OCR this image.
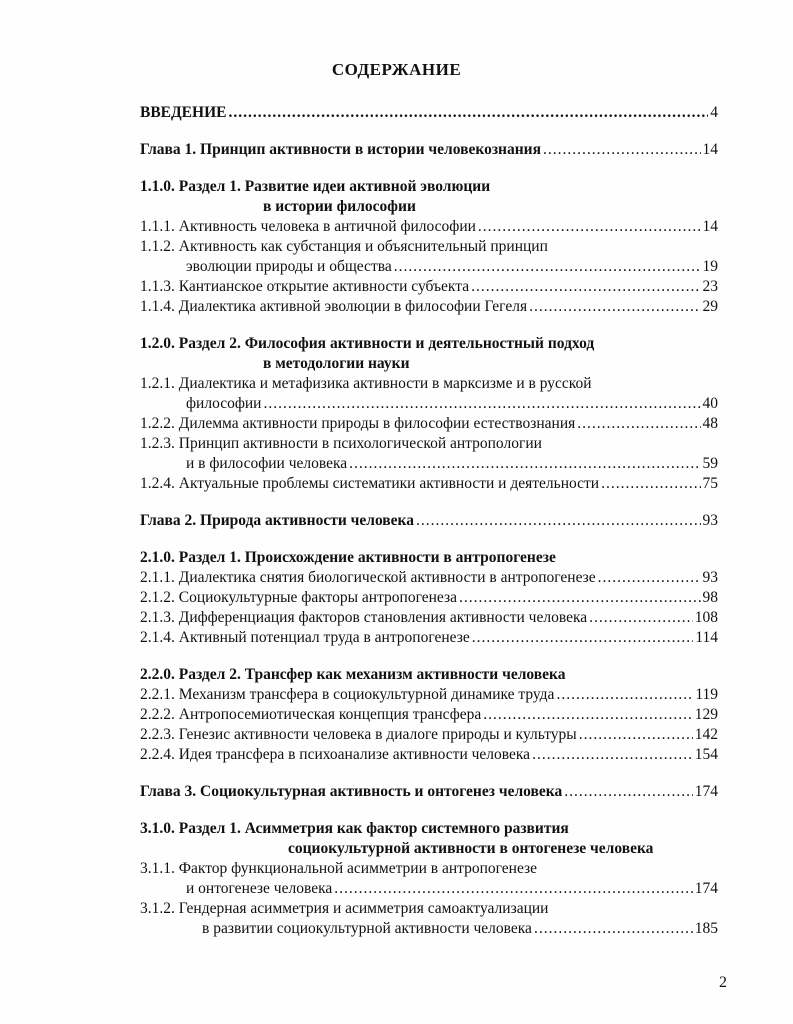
СОДЕРЖАНИЕ
ВВЕДЕНИЕ .....	4
Глава 1. Принцип активности в истории человекознания .....	14
1.1.0. Раздел 1. Развитие идеи активной эволюции
в истории философии
1.1.1. Активность человека в античной философии .....	14
1.1.2. Активность как субстанция и объяснительный принцип
эволюции природы и общества .....	19
1.1.3. Кантианское открытие активности субъекта .....	23
1.1.4. Диалектика активной эволюции в философии Гегеля .....	29
1.2.0. Раздел 2. Философия активности и деятельностный подход
в методологии науки
1.2.1. Диалектика и метафизика активности в марксизме и в русской
философии .....	40
1.2.2. Дилемма активности природы в философии естествознания .....	48
1.2.3. Принцип активности в психологической антропологии
и в философии человека .....	59
1.2.4. Актуальные проблемы систематики активности и деятельности .....	75
Глава 2. Природа активности человека .....	93
2.1.0. Раздел 1. Происхождение активности в антропогенезе
2.1.1. Диалектика снятия биологической активности в антропогенезе .....	93
2.1.2. Социокультурные факторы антропогенеза .....	98
2.1.3. Дифференциация факторов становления активности человека .....	108
2.1.4. Активный потенциал труда в антропогенезе .....	114
2.2.0. Раздел 2. Трансфер как механизм активности человека
2.2.1. Механизм трансфера в социокультурной динамике труда .....	119
2.2.2. Антропосемиотическая концепция трансфера .....	129
2.2.3. Генезис активности человека в диалоге природы и культуры .....	142
2.2.4. Идея трансфера в психоанализе активности человека .....	154
Глава 3. Социокультурная активность и онтогенез человека .....	174
3.1.0. Раздел 1. Асимметрия как фактор системного развития
социокультурной активности в онтогенезе человека
3.1.1. Фактор функциональной асимметрии в антропогенезе
и онтогенезе человека .....	174
3.1.2. Гендерная асимметрия и асимметрия самоактуализации
в развитии социокультурной активности человека .....	185
2
